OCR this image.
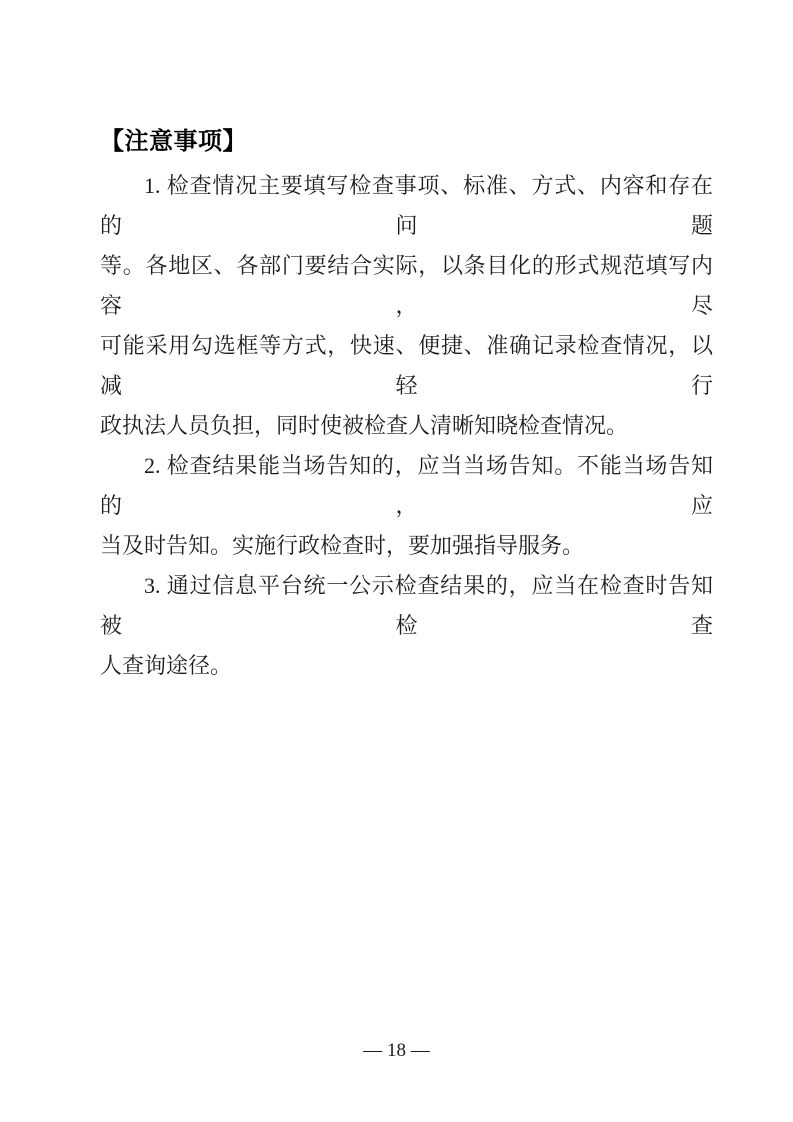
【注意事项】
1. 检查情况主要填写检查事项、标准、方式、内容和存在的问题
等。各地区、各部门要结合实际，以条目化的形式规范填写内容，尽
可能采用勾选框等方式，快速、便捷、准确记录检查情况，以减轻行
政执法人员负担，同时使被检查人清晰知晓检查情况。
2. 检查结果能当场告知的，应当当场告知。不能当场告知的，应
当及时告知。实施行政检查时，要加强指导服务。
3. 通过信息平台统一公示检查结果的，应当在检查时告知被检查
人查询途径。
— 18 —
